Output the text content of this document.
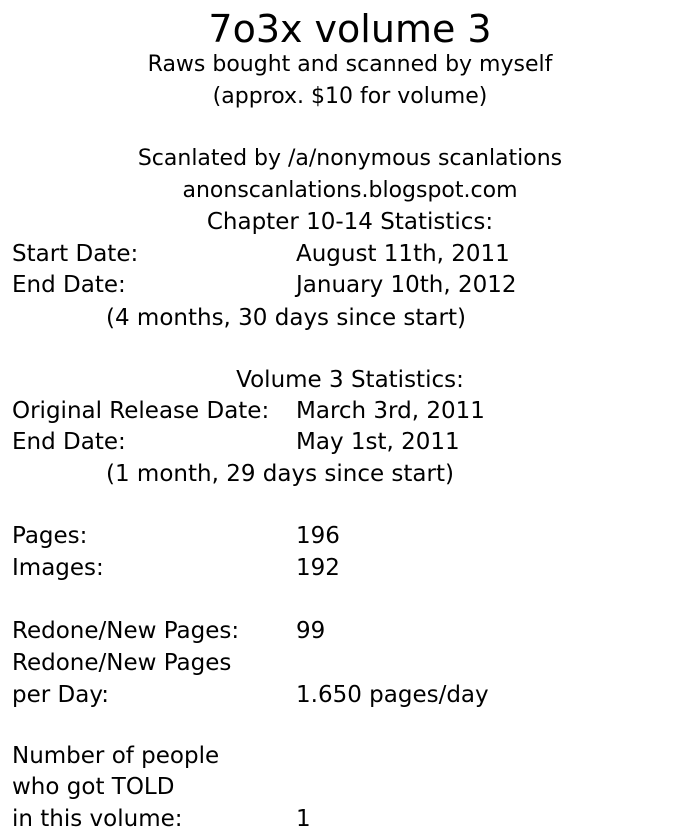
7o3x volume 3
Raws bought and scanned by myself
(approx. $10 for volume)
Scanlated by /a/nonymous scanlations
anonscanlations.blogspot.com
Chapter 10-14 Statistics:
Start Date:	August 11th, 2011
End Date:	January 10th, 2012
(4 months, 30 days since start)
Volume 3 Statistics:
Original Release Date: March 3rd, 2011
End Date:	May 1st, 2011
(1 month, 29 days since start)
Pages:	196
Images:	192
Redone/New Pages: 99
Redone/New Pages
per Day:	1.650 pages/day
Number of people
who got TOLD
in this volume:	1
